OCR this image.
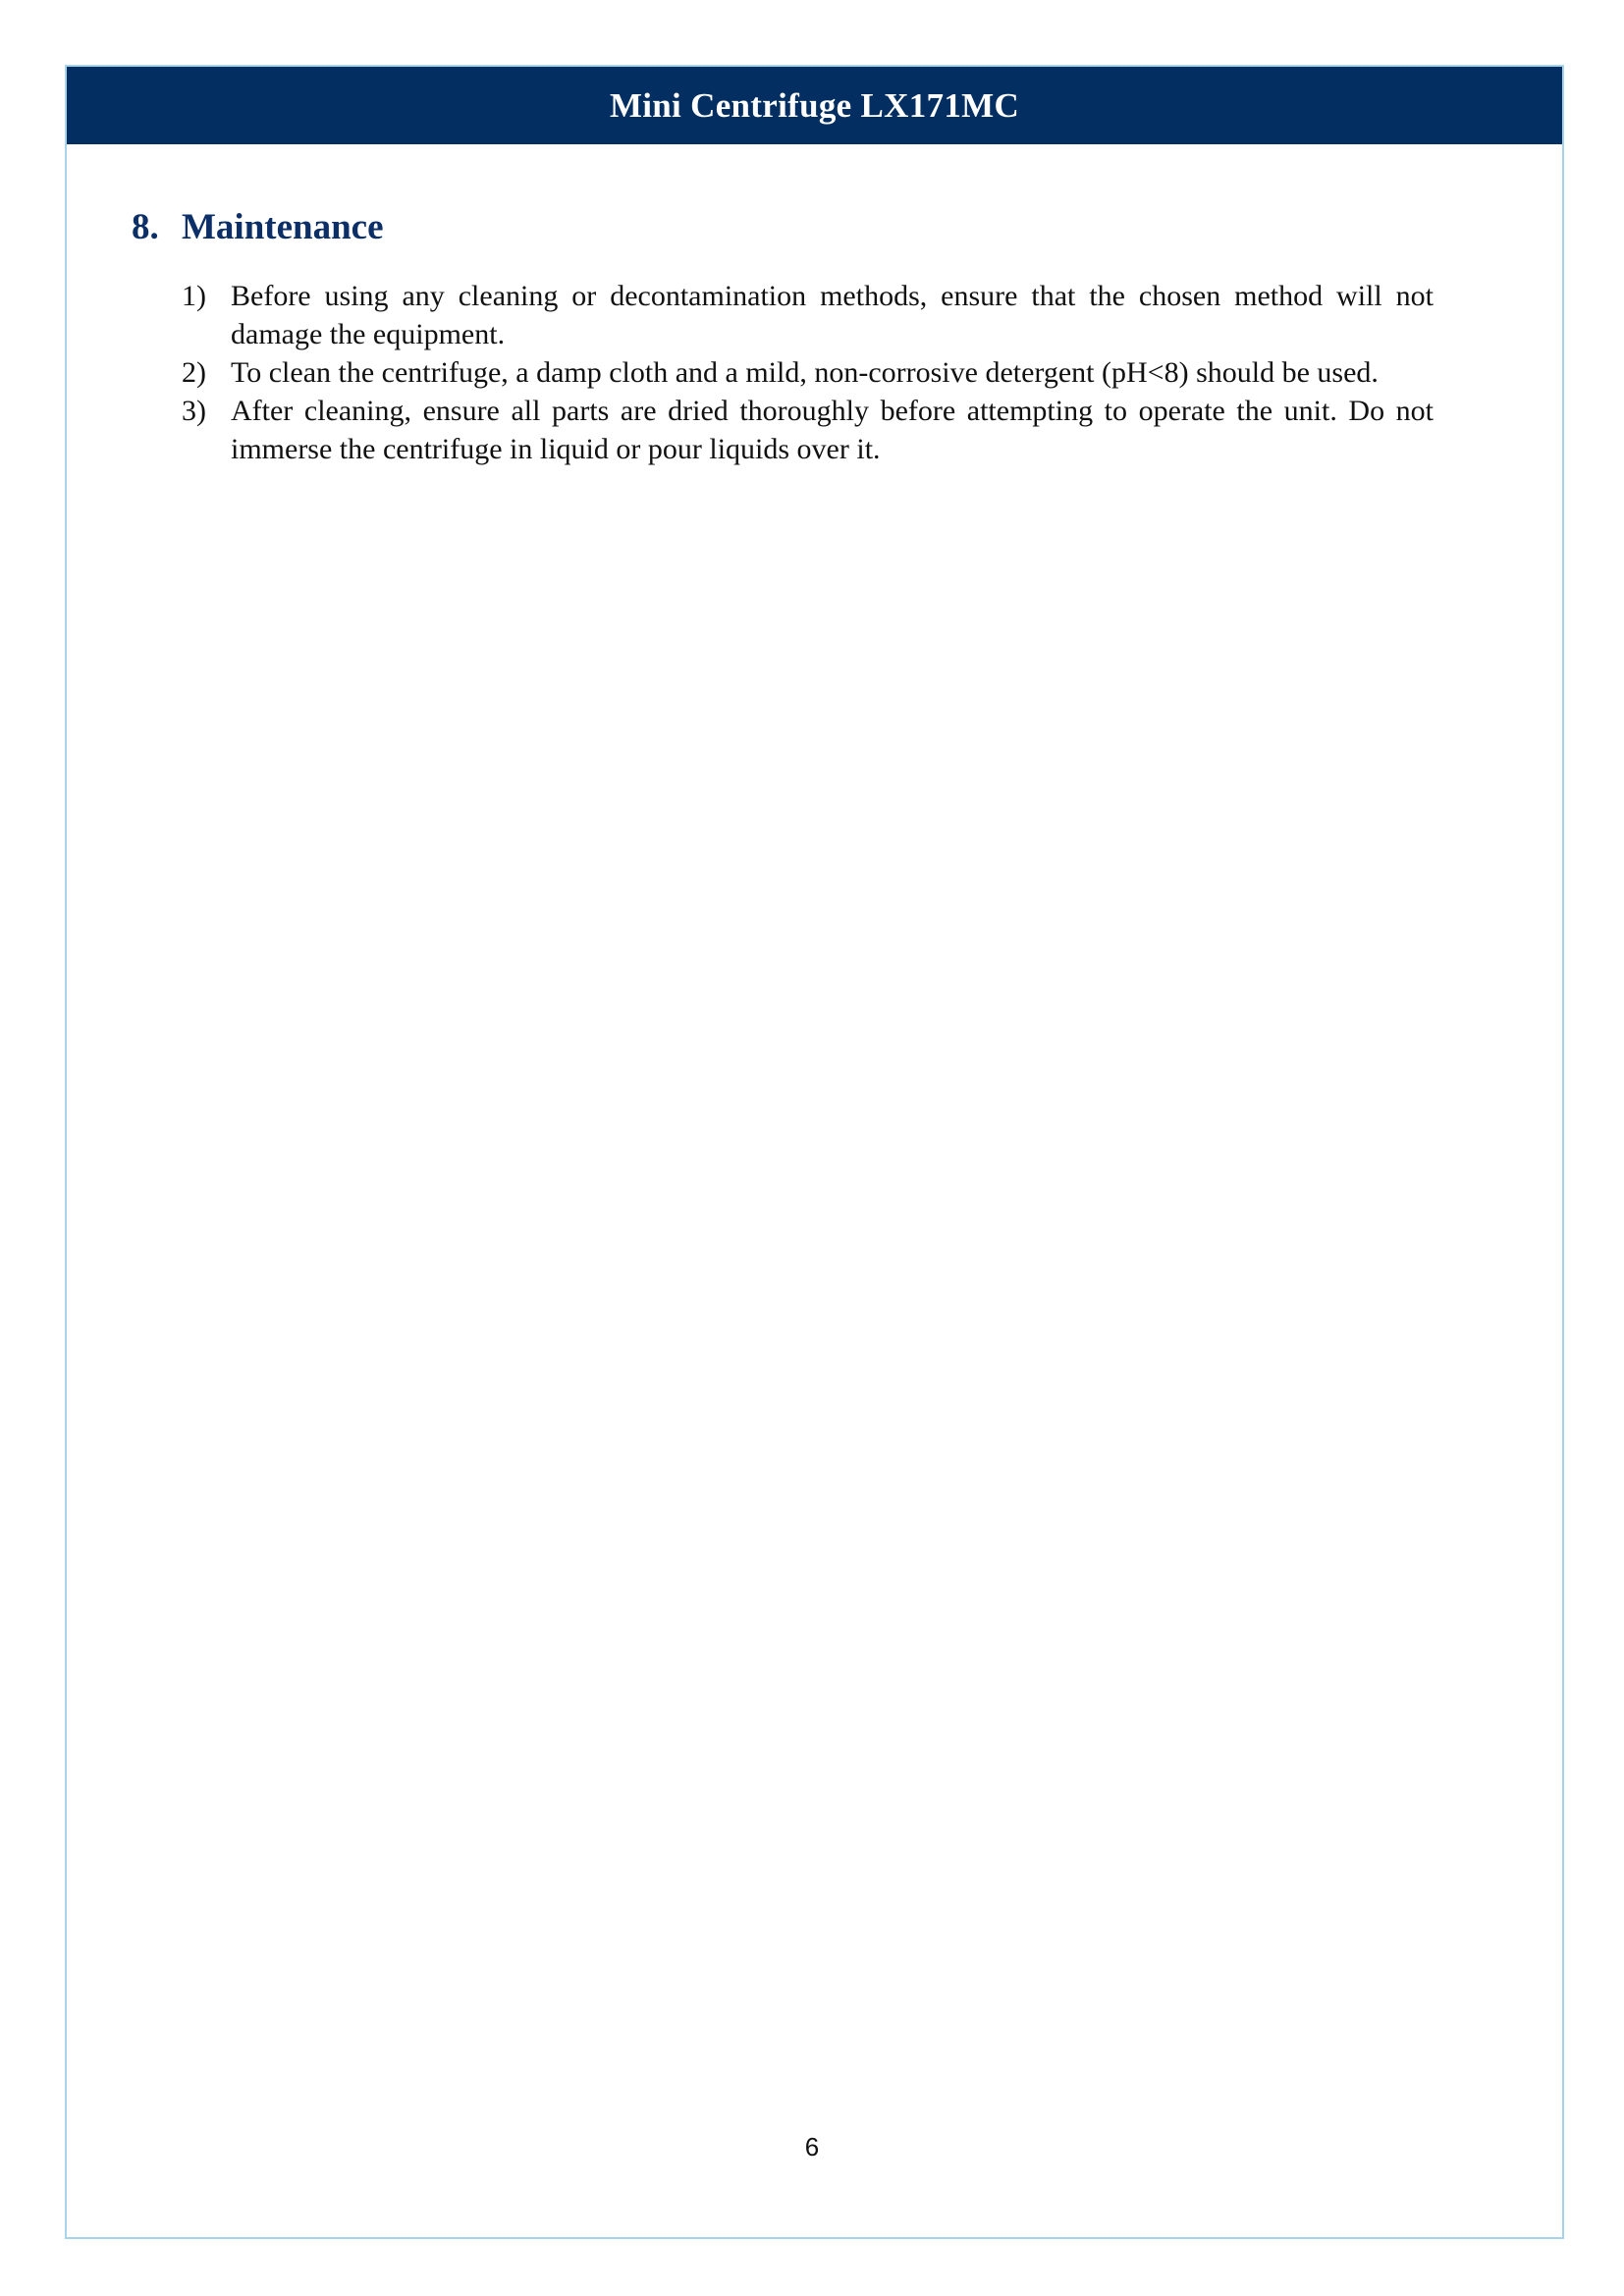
Mini Centrifuge LX171MC
8. Maintenance
1) Before using any cleaning or decontamination methods, ensure that the chosen method will not damage the equipment.
2) To clean the centrifuge, a damp cloth and a mild, non-corrosive detergent (pH<8) should be used.
3) After cleaning, ensure all parts are dried thoroughly before attempting to operate the unit. Do not immerse the centrifuge in liquid or pour liquids over it.
6
